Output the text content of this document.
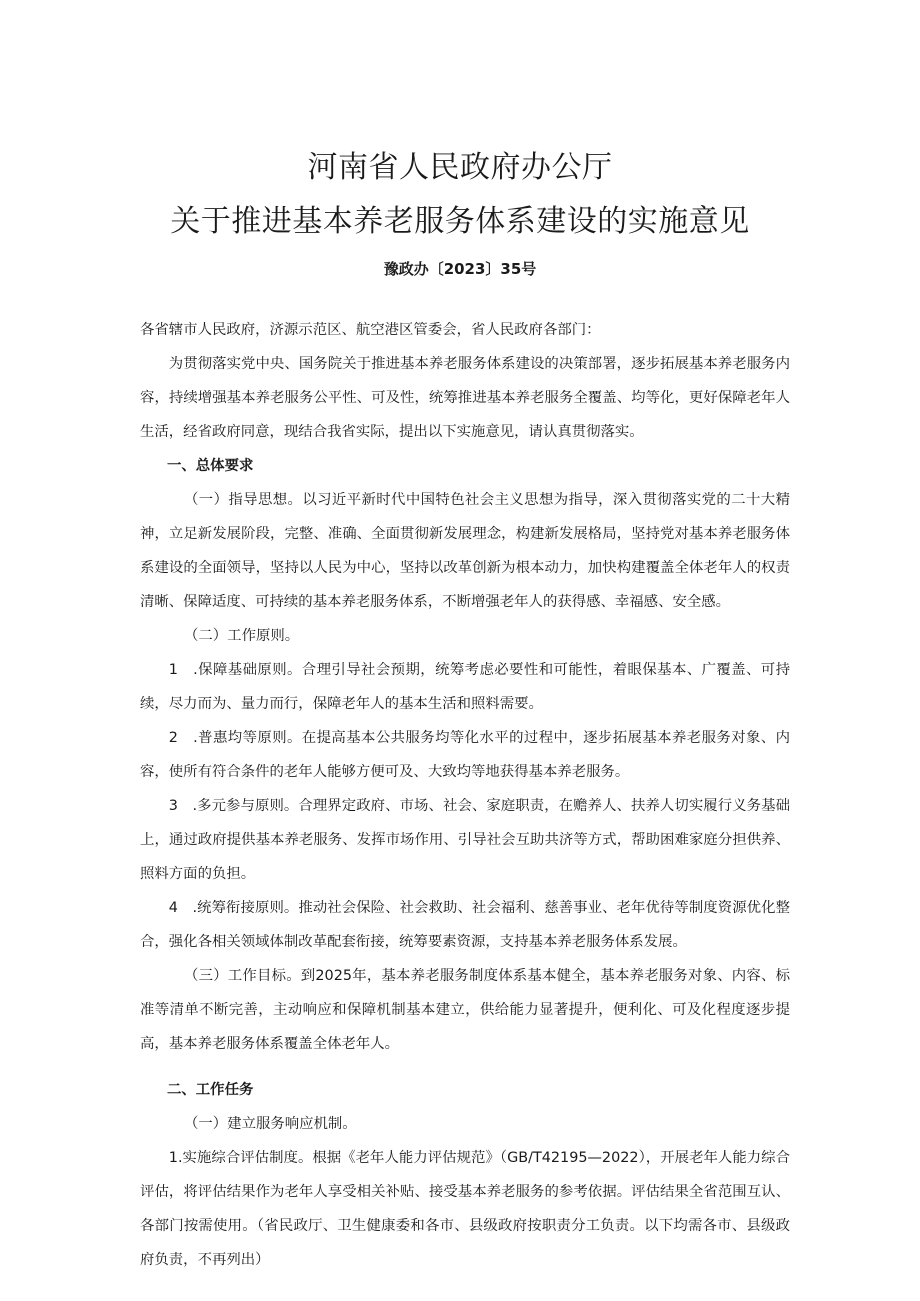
河南省人民政府办公厅
关于推进基本养老服务体系建设的实施意见
豫政办〔2023〕35号

各省辖市人民政府，济源示范区、航空港区管委会，省人民政府各部门：

为贯彻落实党中央、国务院关于推进基本养老服务体系建设的决策部署，逐步拓展基本养老服务内容，持续增强基本养老服务公平性、可及性，统筹推进基本养老服务全覆盖、均等化，更好保障老年人生活，经省政府同意，现结合我省实际，提出以下实施意见，请认真贯彻落实。

一、总体要求

（一）指导思想。以习近平新时代中国特色社会主义思想为指导，深入贯彻落实党的二十大精神，立足新发展阶段，完整、准确、全面贯彻新发展理念，构建新发展格局，坚持党对基本养老服务体系建设的全面领导，坚持以人民为中心，坚持以改革创新为根本动力，加快构建覆盖全体老年人的权责清晰、保障适度、可持续的基本养老服务体系，不断增强老年人的获得感、幸福感、安全感。

（二）工作原则。

1　.保障基础原则。合理引导社会预期，统筹考虑必要性和可能性，着眼保基本、广覆盖、可持续，尽力而为、量力而行，保障老年人的基本生活和照料需要。

2　.普惠均等原则。在提高基本公共服务均等化水平的过程中，逐步拓展基本养老服务对象、内容，使所有符合条件的老年人能够方便可及、大致均等地获得基本养老服务。

3　.多元参与原则。合理界定政府、市场、社会、家庭职责，在赡养人、扶养人切实履行义务基础上，通过政府提供基本养老服务、发挥市场作用、引导社会互助共济等方式，帮助困难家庭分担供养、照料方面的负担。

4　.统筹衔接原则。推动社会保险、社会救助、社会福利、慈善事业、老年优待等制度资源优化整合，强化各相关领域体制改革配套衔接，统筹要素资源，支持基本养老服务体系发展。

（三）工作目标。到2025年，基本养老服务制度体系基本健全，基本养老服务对象、内容、标准等清单不断完善，主动响应和保障机制基本建立，供给能力显著提升，便利化、可及化程度逐步提高，基本养老服务体系覆盖全体老年人。

二、工作任务

（一）建立服务响应机制。

1.实施综合评估制度。根据《老年人能力评估规范》（GB/T42195—2022），开展老年人能力综合评估，将评估结果作为老年人享受相关补贴、接受基本养老服务的参考依据。评估结果全省范围互认、各部门按需使用。（省民政厅、卫生健康委和各市、县级政府按职责分工负责。以下均需各市、县级政府负责，不再列出）
